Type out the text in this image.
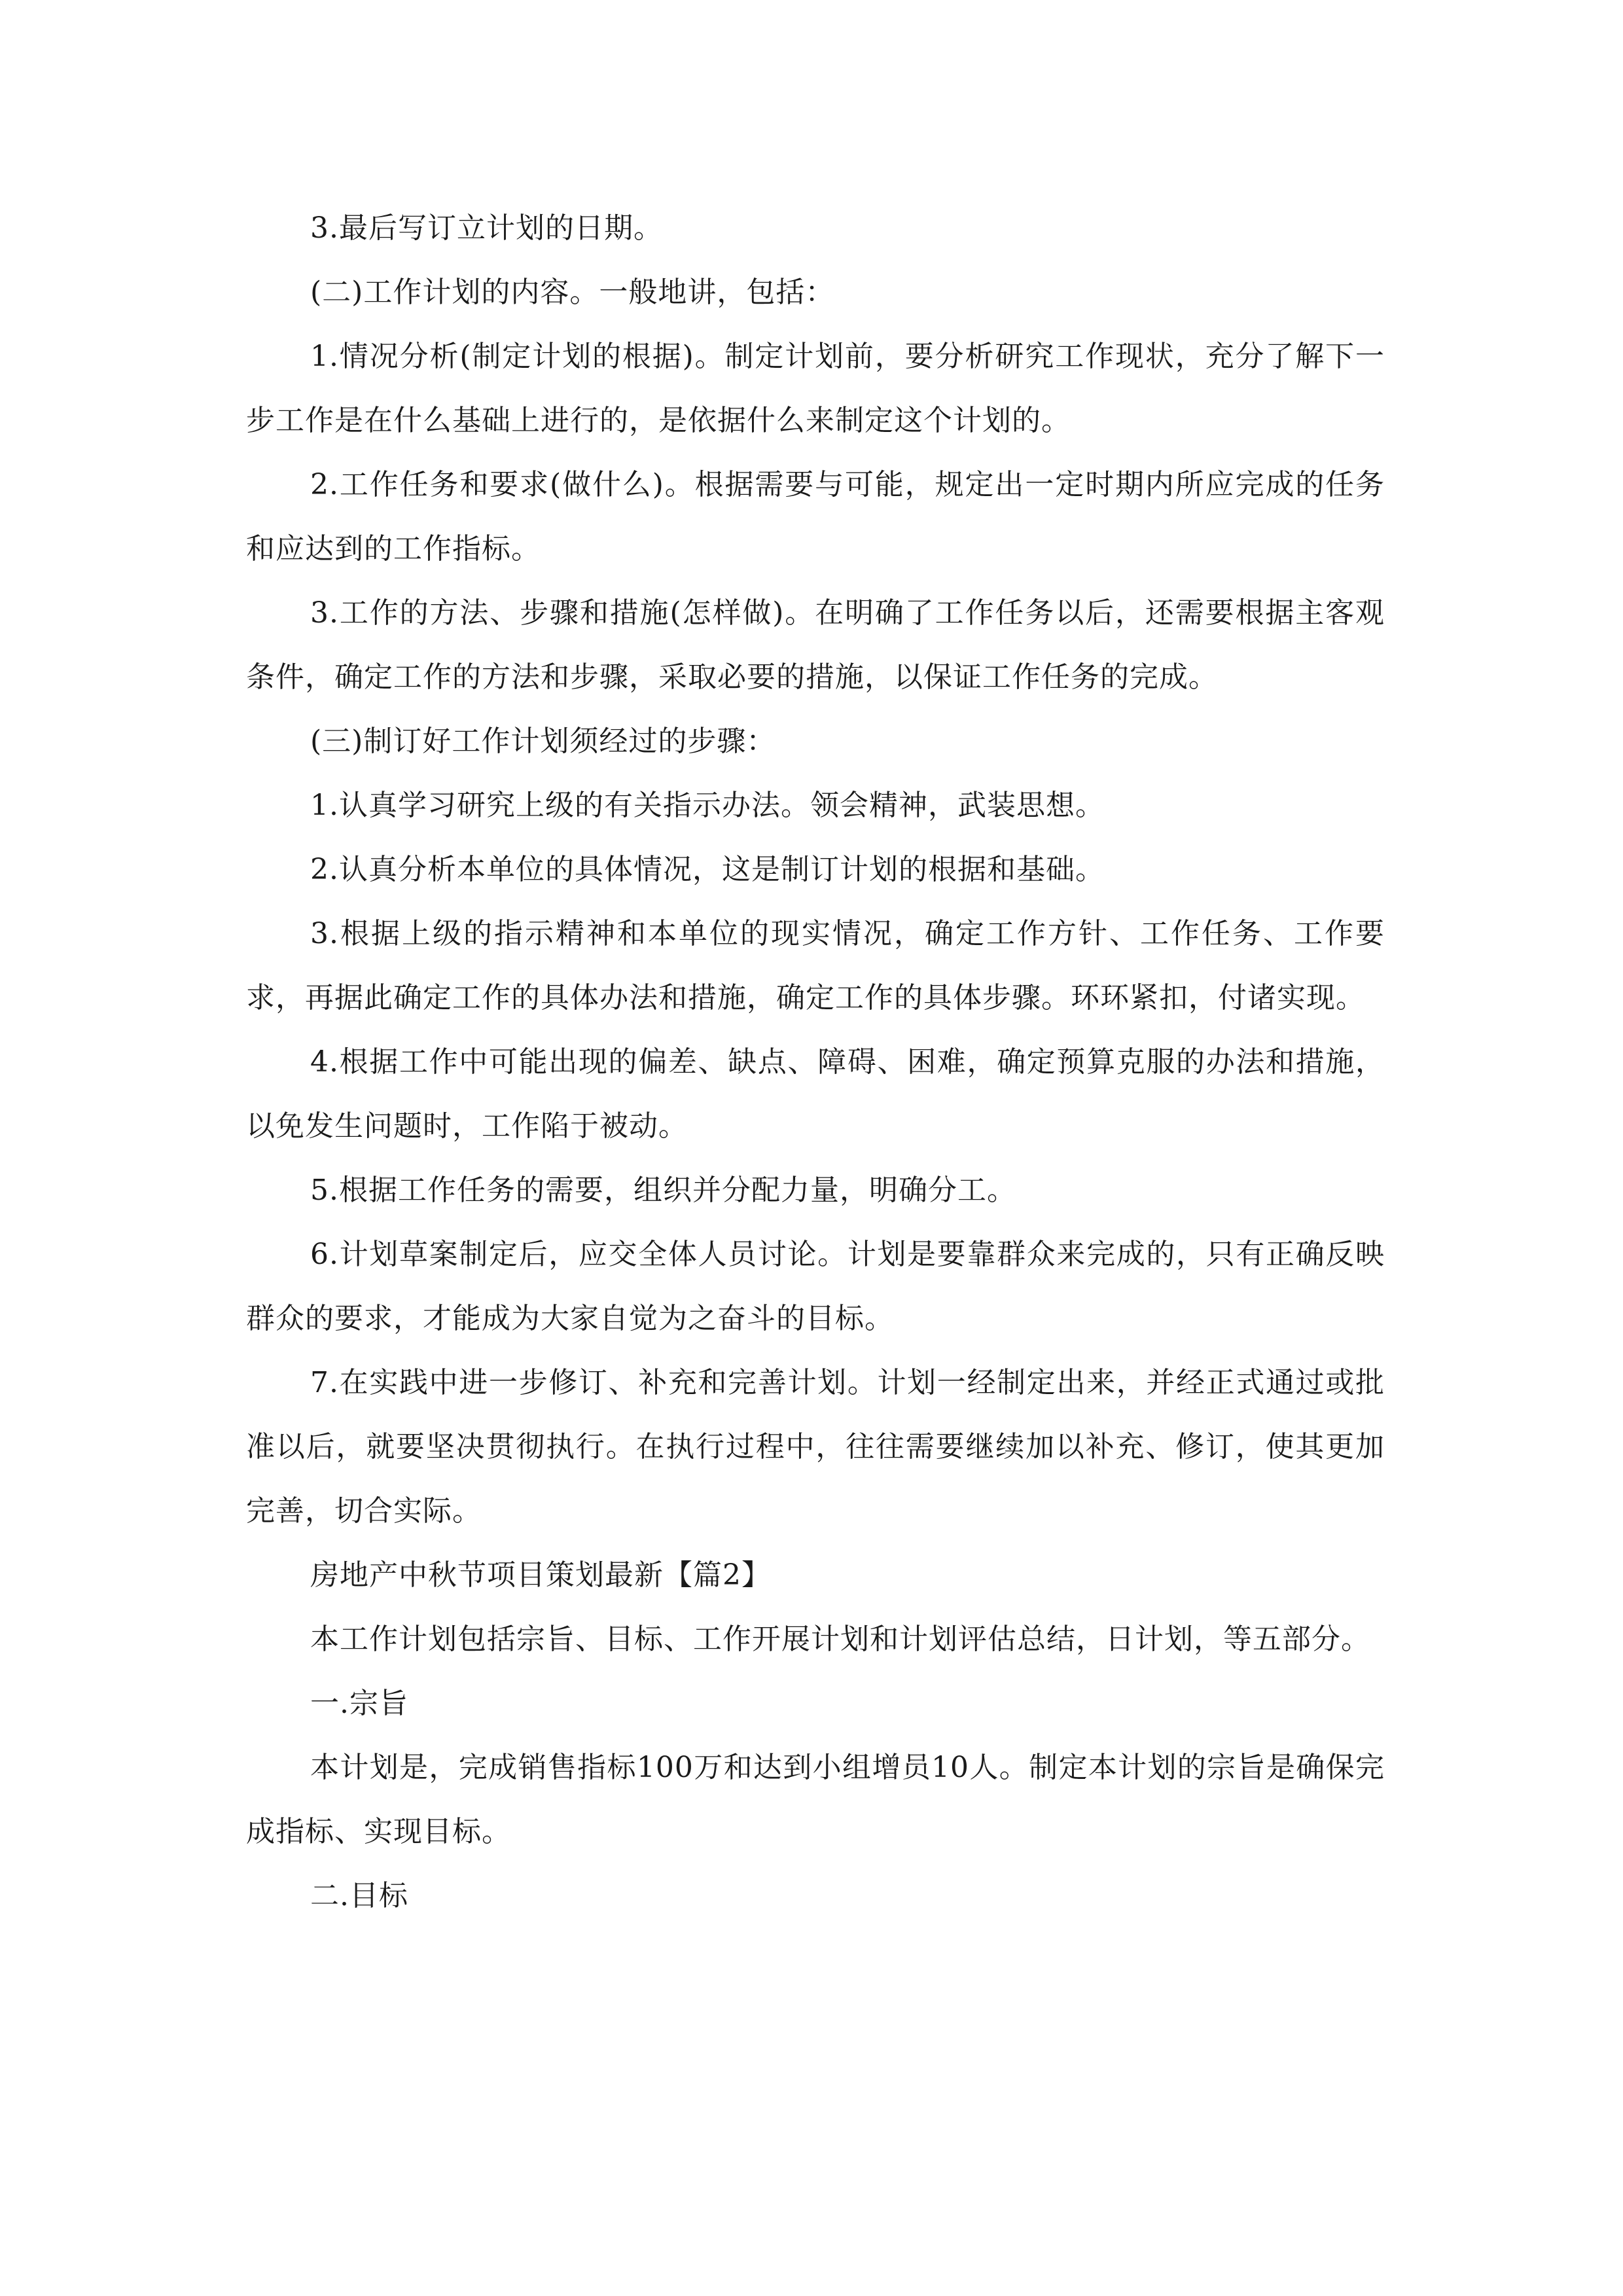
3.最后写订立计划的日期。

(二)工作计划的内容。一般地讲，包括：

1.情况分析(制定计划的根据)。制定计划前，要分析研究工作现状，充分了解下一步工作是在什么基础上进行的，是依据什么来制定这个计划的。

2.工作任务和要求(做什么)。根据需要与可能，规定出一定时期内所应完成的任务和应达到的工作指标。

3.工作的方法、步骤和措施(怎样做)。在明确了工作任务以后，还需要根据主客观条件，确定工作的方法和步骤，采取必要的措施，以保证工作任务的完成。

(三)制订好工作计划须经过的步骤：

1.认真学习研究上级的有关指示办法。领会精神，武装思想。

2.认真分析本单位的具体情况，这是制订计划的根据和基础。

3.根据上级的指示精神和本单位的现实情况，确定工作方针、工作任务、工作要求，再据此确定工作的具体办法和措施，确定工作的具体步骤。环环紧扣，付诸实现。

4.根据工作中可能出现的偏差、缺点、障碍、困难，确定预算克服的办法和措施，以免发生问题时，工作陷于被动。

5.根据工作任务的需要，组织并分配力量，明确分工。

6.计划草案制定后，应交全体人员讨论。计划是要靠群众来完成的，只有正确反映群众的要求，才能成为大家自觉为之奋斗的目标。

7.在实践中进一步修订、补充和完善计划。计划一经制定出来，并经正式通过或批准以后，就要坚决贯彻执行。在执行过程中，往往需要继续加以补充、修订，使其更加完善，切合实际。

房地产中秋节项目策划最新【篇2】

本工作计划包括宗旨、目标、工作开展计划和计划评估总结，日计划，等五部分。

一.宗旨

本计划是，完成销售指标100万和达到小组增员10人。制定本计划的宗旨是确保完成指标、实现目标。

二.目标
